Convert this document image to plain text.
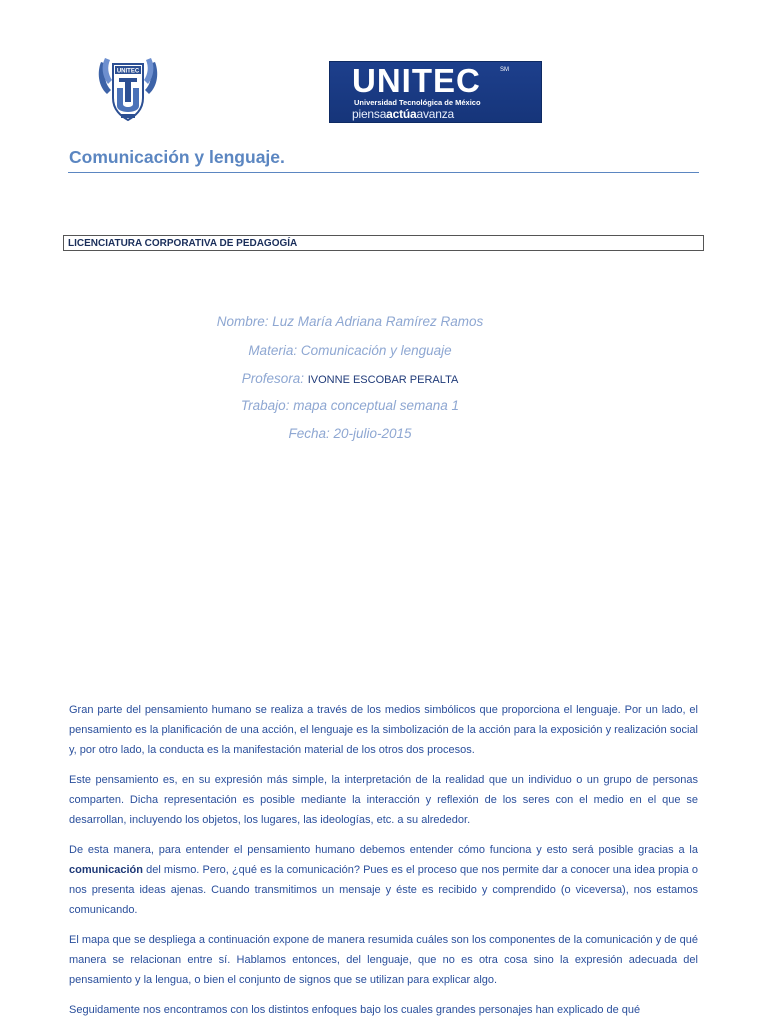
UNITEC	UNITEC	SM
Universidad Tecnológica de México
piensaactúaavanza
Comunicación y lenguaje.
LICENCIATURA CORPORATIVA DE PEDAGOGÍA
Nombre: Luz María Adriana Ramírez Ramos
Materia: Comunicación y lenguaje
Profesora: IVONNE ESCOBAR PERALTA
Trabajo: mapa conceptual semana 1
Fecha: 20-julio-2015
Gran parte del pensamiento humano se realiza a través de los medios simbólicos que proporciona el lenguaje. Por un lado, el pensamiento es la planificación de una acción, el lenguaje es la simbolización de la acción para la exposición y realización social y, por otro lado, la conducta es la manifestación material de los otros dos procesos.
Este pensamiento es, en su expresión más simple, la interpretación de la realidad que un individuo o un grupo de personas comparten. Dicha representación es posible mediante la interacción y reflexión de los seres con el medio en el que se desarrollan, incluyendo los objetos, los lugares, las ideologías, etc. a su alrededor.
De esta manera, para entender el pensamiento humano debemos entender cómo funciona y esto será posible gracias a la comunicación del mismo. Pero, ¿qué es la comunicación? Pues es el proceso que nos permite dar a conocer una idea propia o nos presenta ideas ajenas. Cuando transmitimos un mensaje y éste es recibido y comprendido (o viceversa), nos estamos comunicando.
El mapa que se despliega a continuación expone de manera resumida cuáles son los componentes de la comunicación y de qué manera se relacionan entre sí. Hablamos entonces, del lenguaje, que no es otra cosa sino la expresión adecuada del pensamiento y la lengua, o bien el conjunto de signos que se utilizan para explicar algo.
Seguidamente nos encontramos con los distintos enfoques bajo los cuales grandes personajes han explicado de qué
